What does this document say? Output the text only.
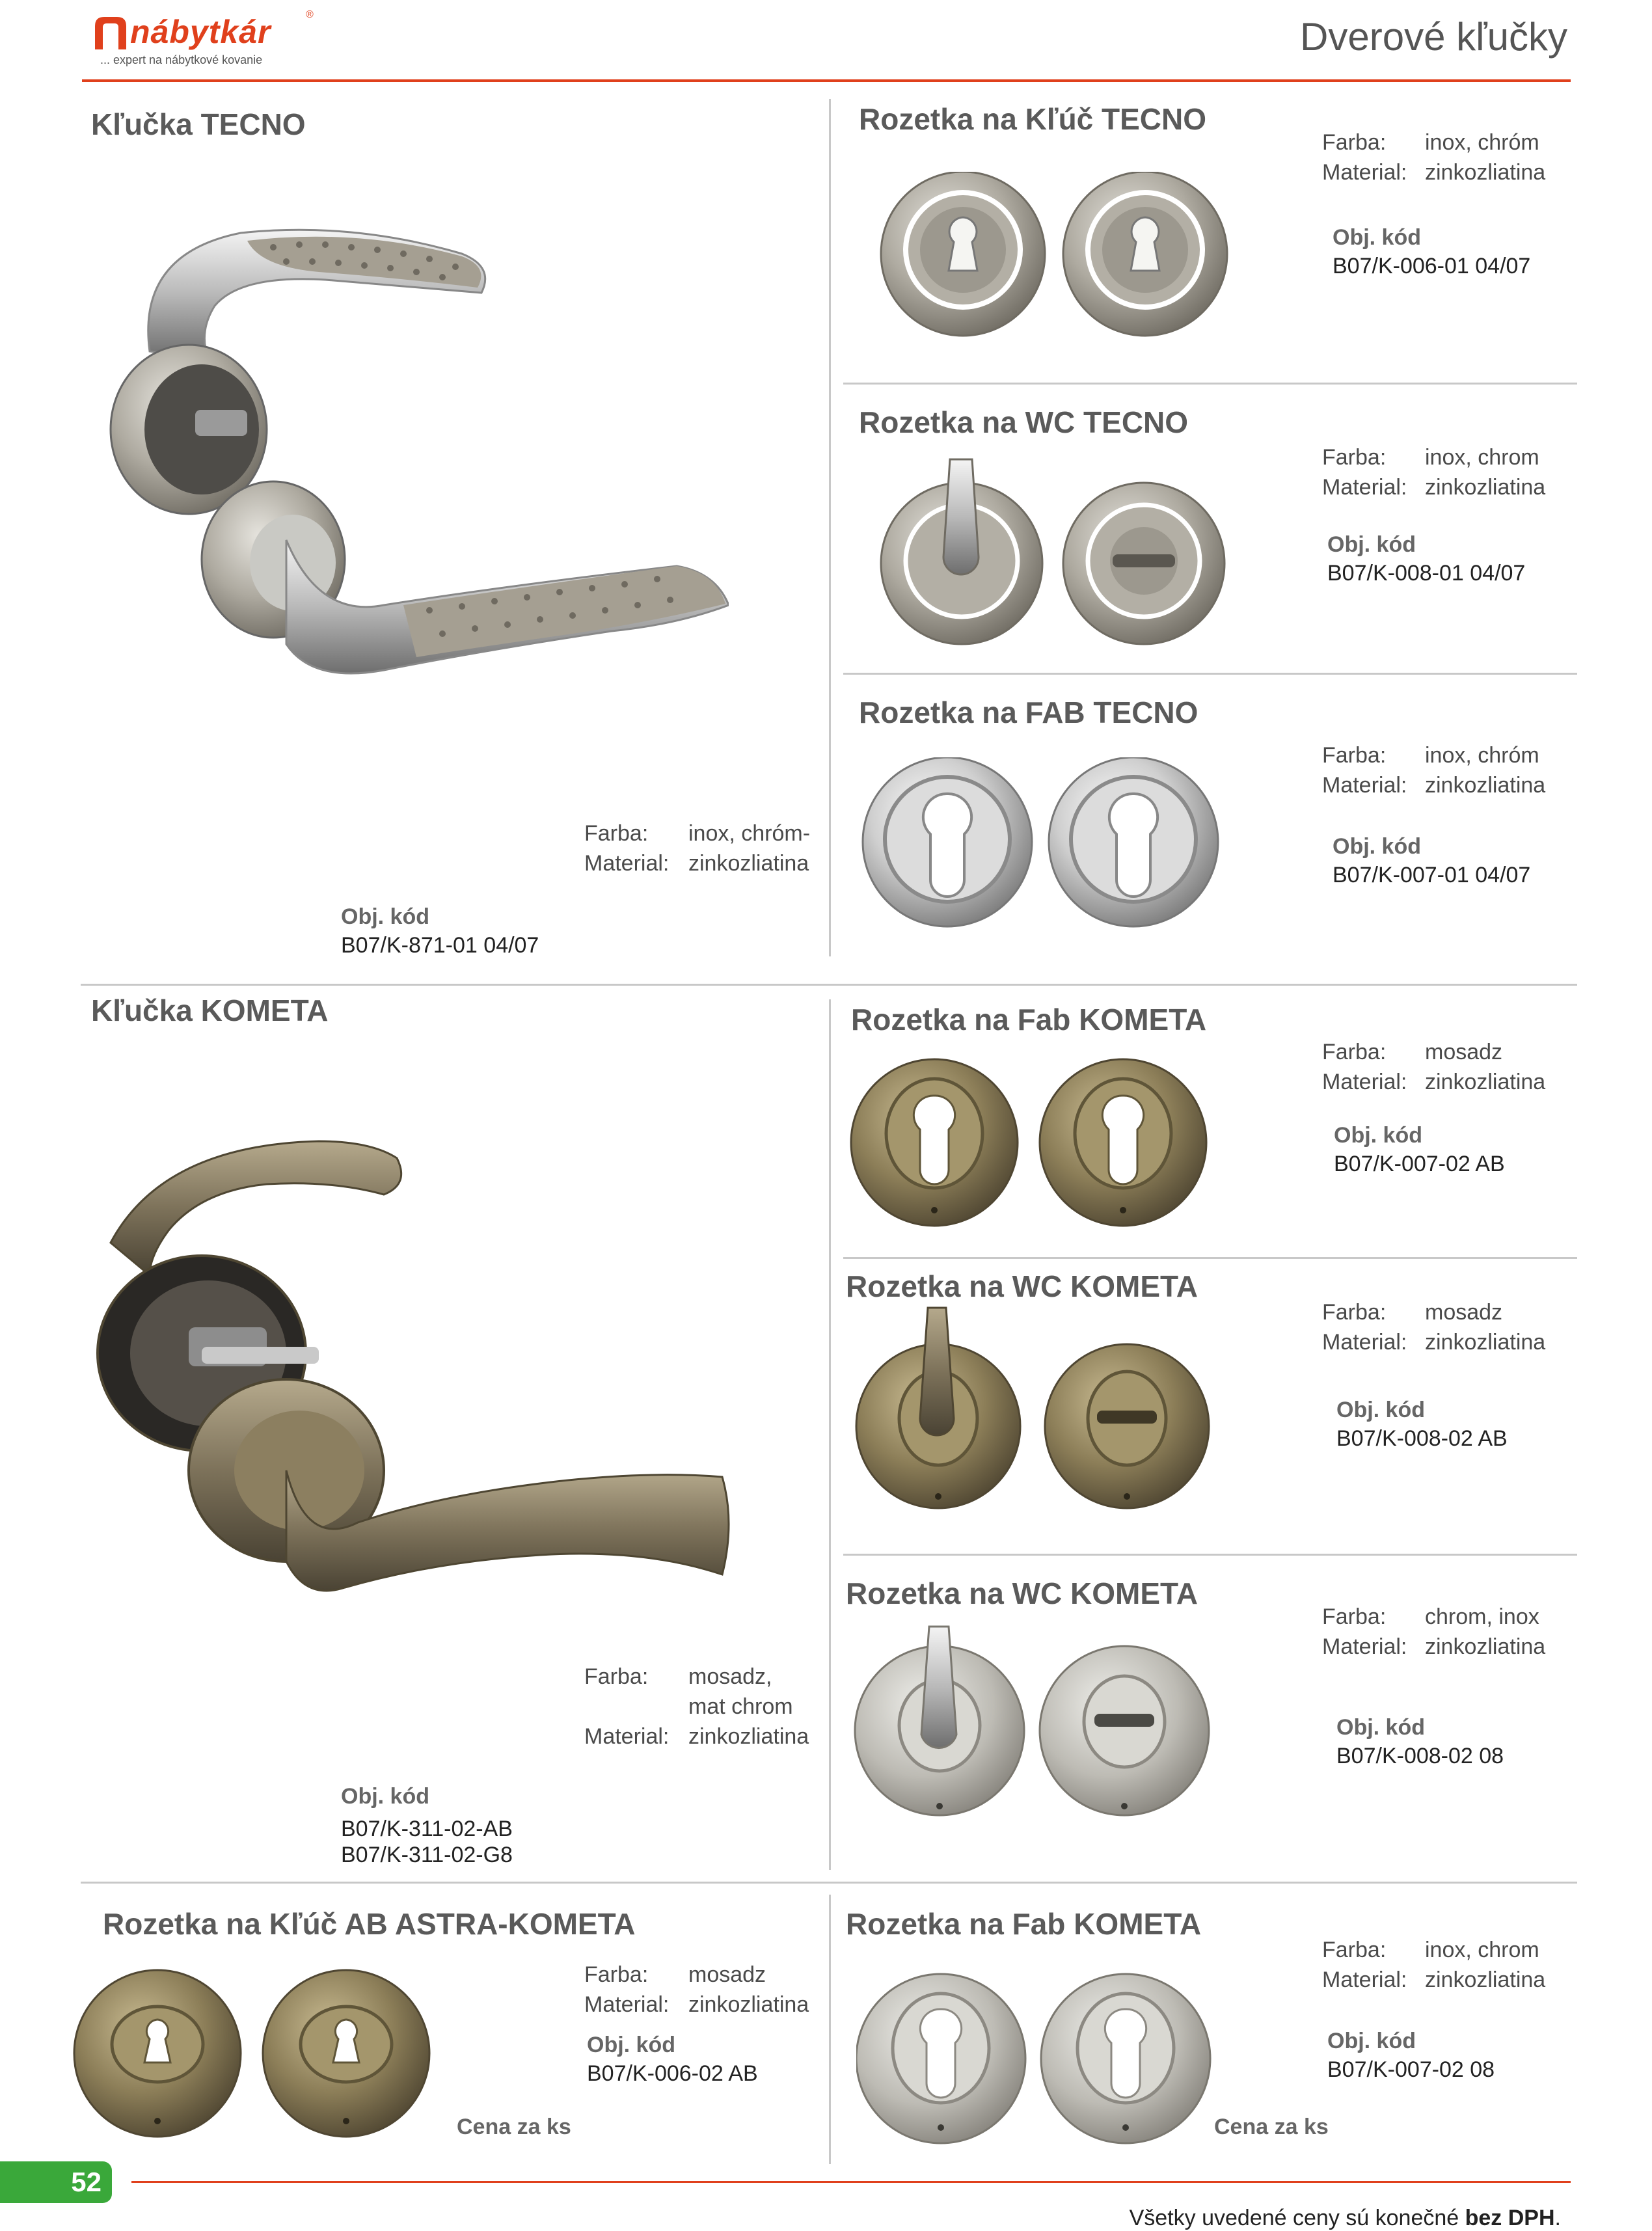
nábytkár	®
... expert na nábytkové kovanie
Dverové kľučky
Kľučka TECNO
Farba: inox, chróm-
Material: zinkozliatina
Obj. kód
B07/K-871-01 04/07
Rozetka na Kľúč TECNO
Farba: inox, chróm
Material: zinkozliatina
Obj. kód
B07/K-006-01 04/07
Rozetka na WC TECNO
Farba: inox, chrom
Material: zinkozliatina
Obj. kód
B07/K-008-01 04/07
Rozetka na FAB TECNO
Farba: inox, chróm
Material: zinkozliatina
Obj. kód
B07/K-007-01 04/07
Kľučka KOMETA
Farba: mosadz,
mat chrom
Material: zinkozliatina
Obj. kód
B07/K-311-02-AB
B07/K-311-02-G8
Rozetka na Fab KOMETA
Farba: mosadz
Material: zinkozliatina
Obj. kód
B07/K-007-02 AB
Rozetka na WC KOMETA
Farba: mosadz
Material: zinkozliatina
Obj. kód
B07/K-008-02 AB
Rozetka na WC KOMETA
Farba: chrom, inox
Material: zinkozliatina
Obj. kód
B07/K-008-02 08
Rozetka na Kľúč AB ASTRA-KOMETA
Farba: mosadz
Material: zinkozliatina
Obj. kód
B07/K-006-02 AB
Cena za ks
Rozetka na Fab KOMETA
Farba: inox, chrom
Material: zinkozliatina
Obj. kód
B07/K-007-02 08
Cena za ks
52
Všetky uvedené ceny sú konečné bez DPH.
